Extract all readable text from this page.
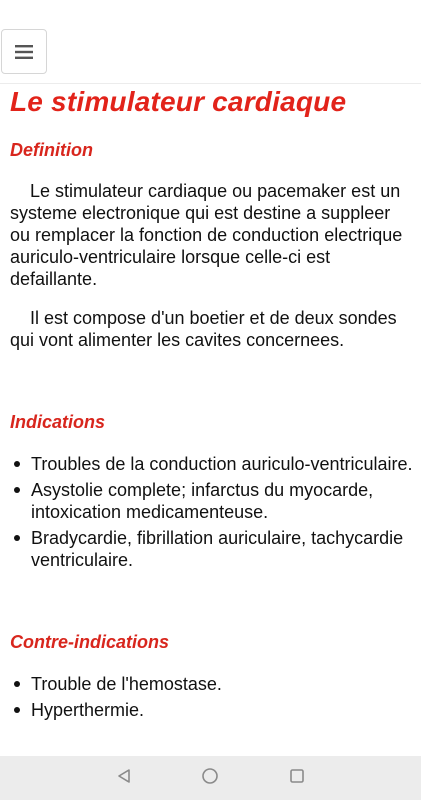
Le stimulateur cardiaque
Definition

Le stimulateur cardiaque ou pacemaker est un systeme electronique qui est destine a suppleer ou remplacer la fonction de conduction electrique auriculo-ventriculaire lorsque celle-ci est defaillante.

Il est compose d'un boetier et de deux sondes qui vont alimenter les cavites concernees.

Indications
Troubles de la conduction auriculo-ventriculaire.
Asystolie complete; infarctus du myocarde, intoxication medicamenteuse.
Bradycardie, fibrillation auriculaire, tachycardie ventriculaire.
Contre-indications
Trouble de l'hemostase.
Hyperthermie.
